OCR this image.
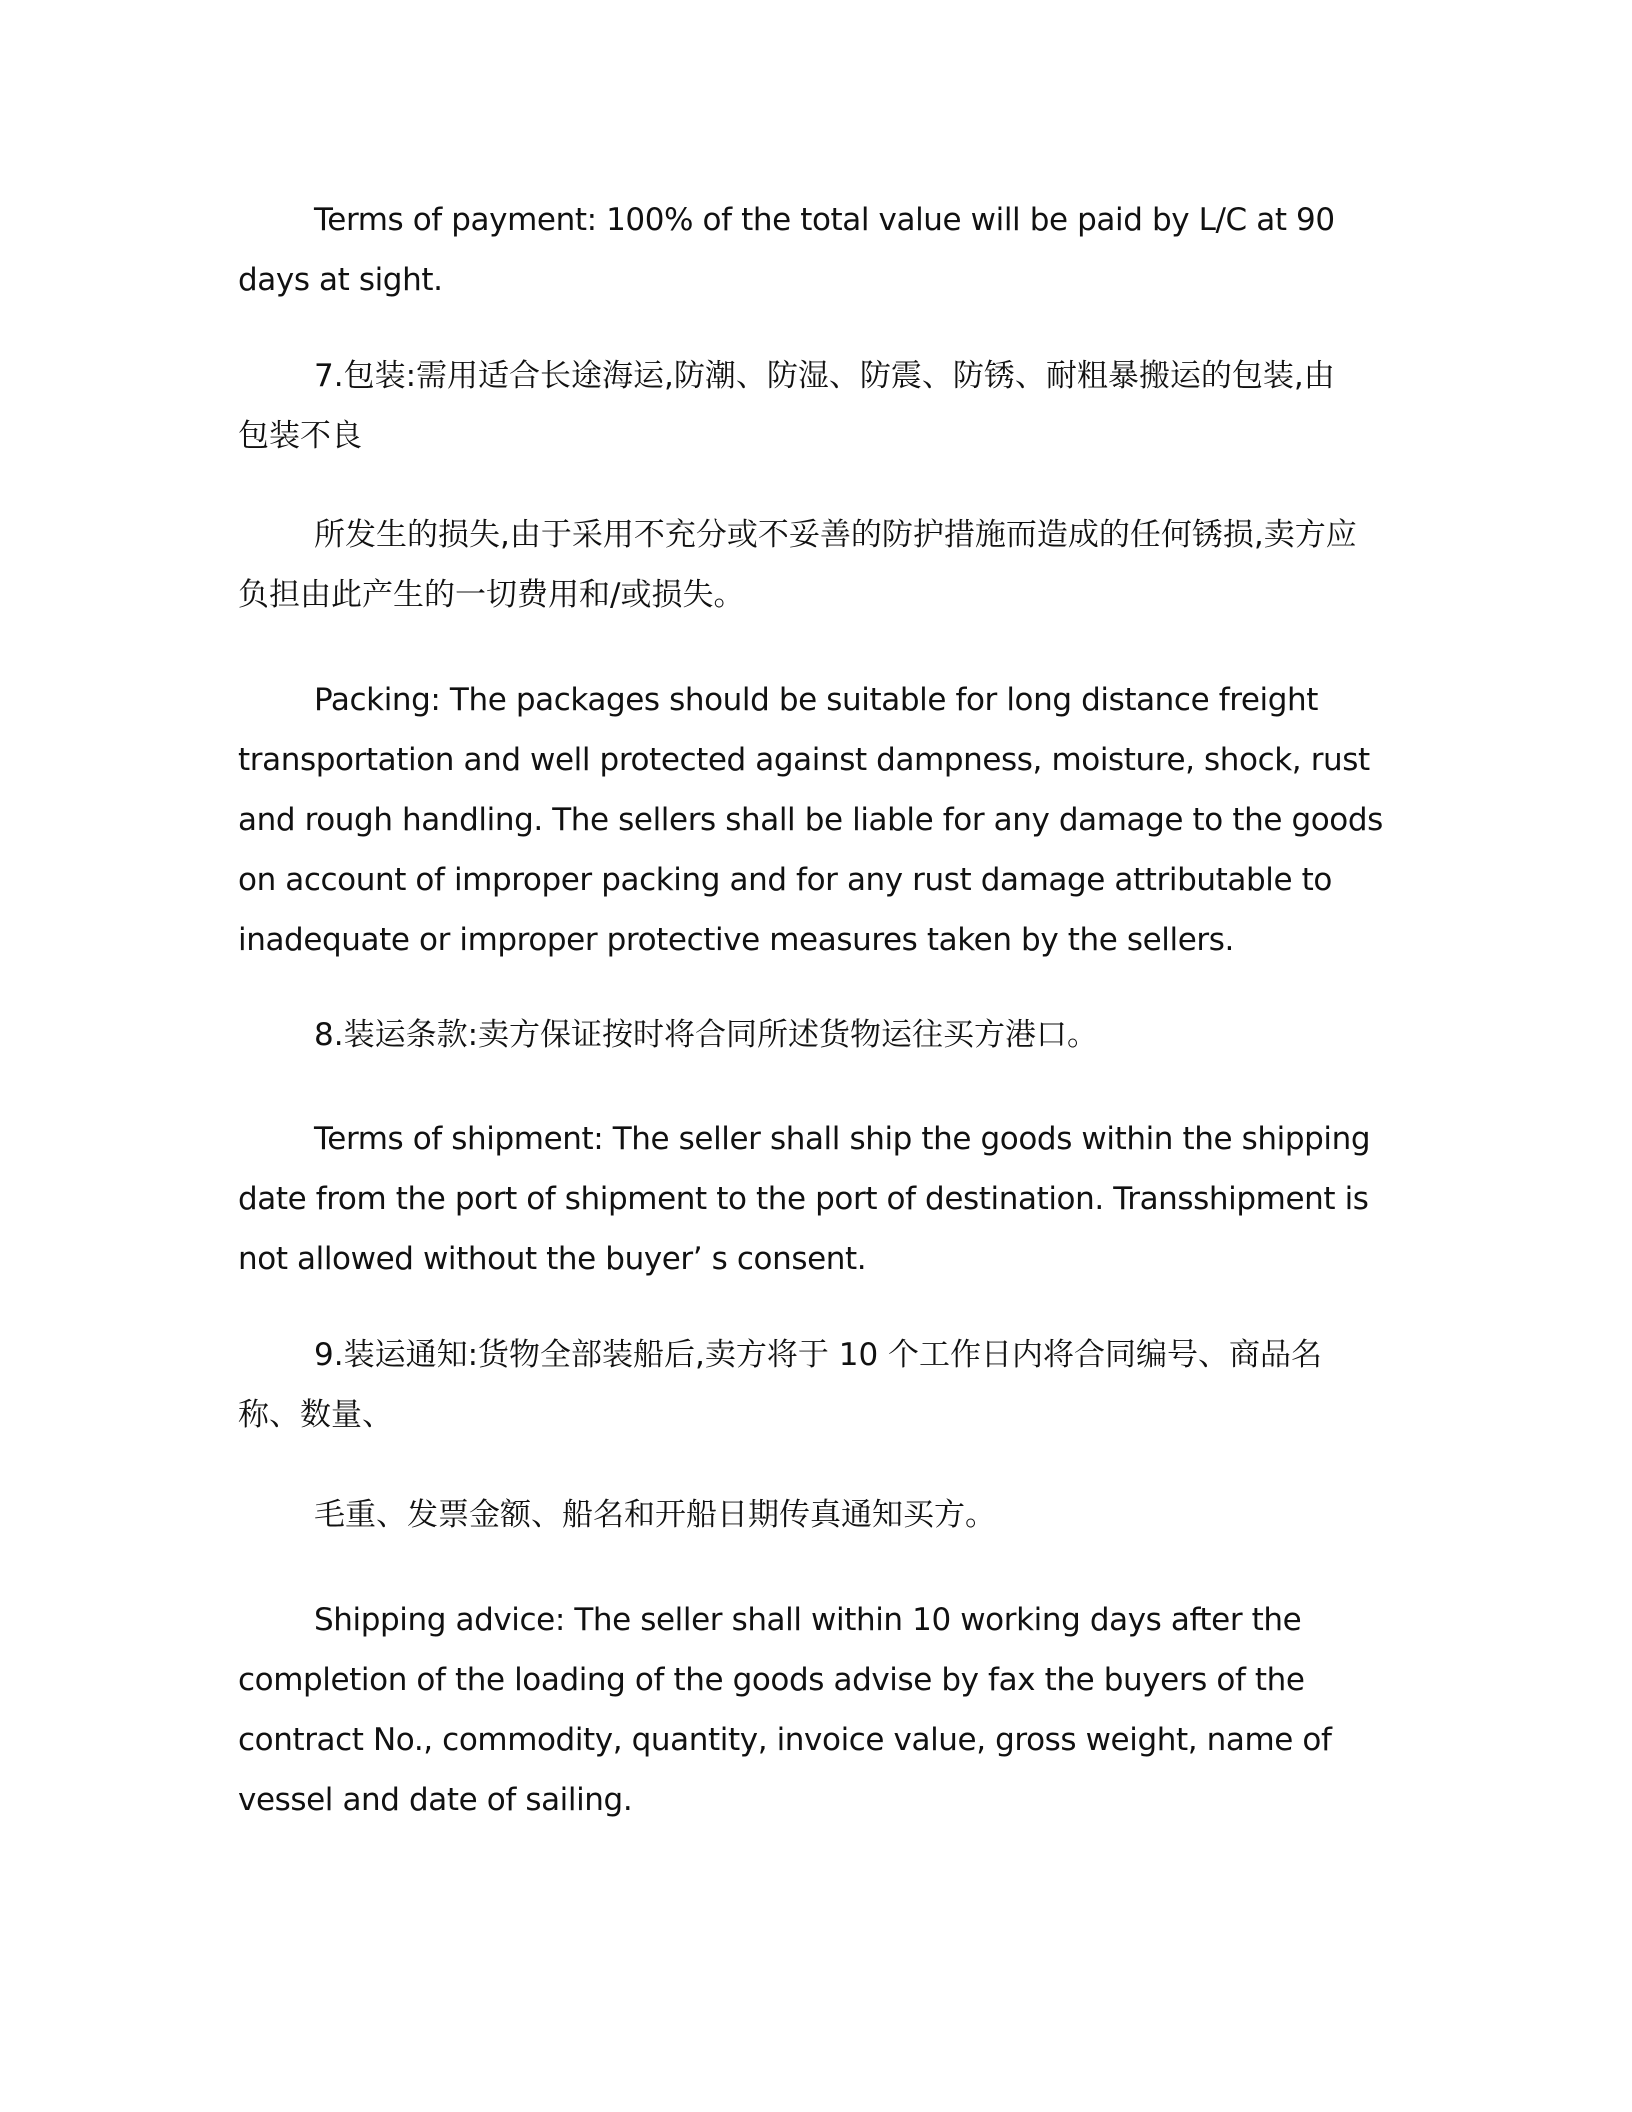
Terms of payment: 100% of the total value will be paid by L/C at 90
days at sight.

7.包装:需用适合长途海运,防潮、防湿、防震、防锈、耐粗暴搬运的包装,由
包装不良

所发生的损失,由于采用不充分或不妥善的防护措施而造成的任何锈损,卖方应
负担由此产生的一切费用和/或损失。

Packing: The packages should be suitable for long distance freight
transportation and well protected against dampness, moisture, shock, rust
and rough handling. The sellers shall be liable for any damage to the goods
on account of improper packing and for any rust damage attributable to
inadequate or improper protective measures taken by the sellers.

8.装运条款:卖方保证按时将合同所述货物运往买方港口。

Terms of shipment: The seller shall ship the goods within the shipping
date from the port of shipment to the port of destination. Transshipment is
not allowed without the buyer’ s consent.

9.装运通知:货物全部装船后,卖方将于 10 个工作日内将合同编号、商品名
称、数量、

毛重、发票金额、船名和开船日期传真通知买方。

Shipping advice: The seller shall within 10 working days after the
completion of the loading of the goods advise by fax the buyers of the
contract No., commodity, quantity, invoice value, gross weight, name of
vessel and date of sailing.
